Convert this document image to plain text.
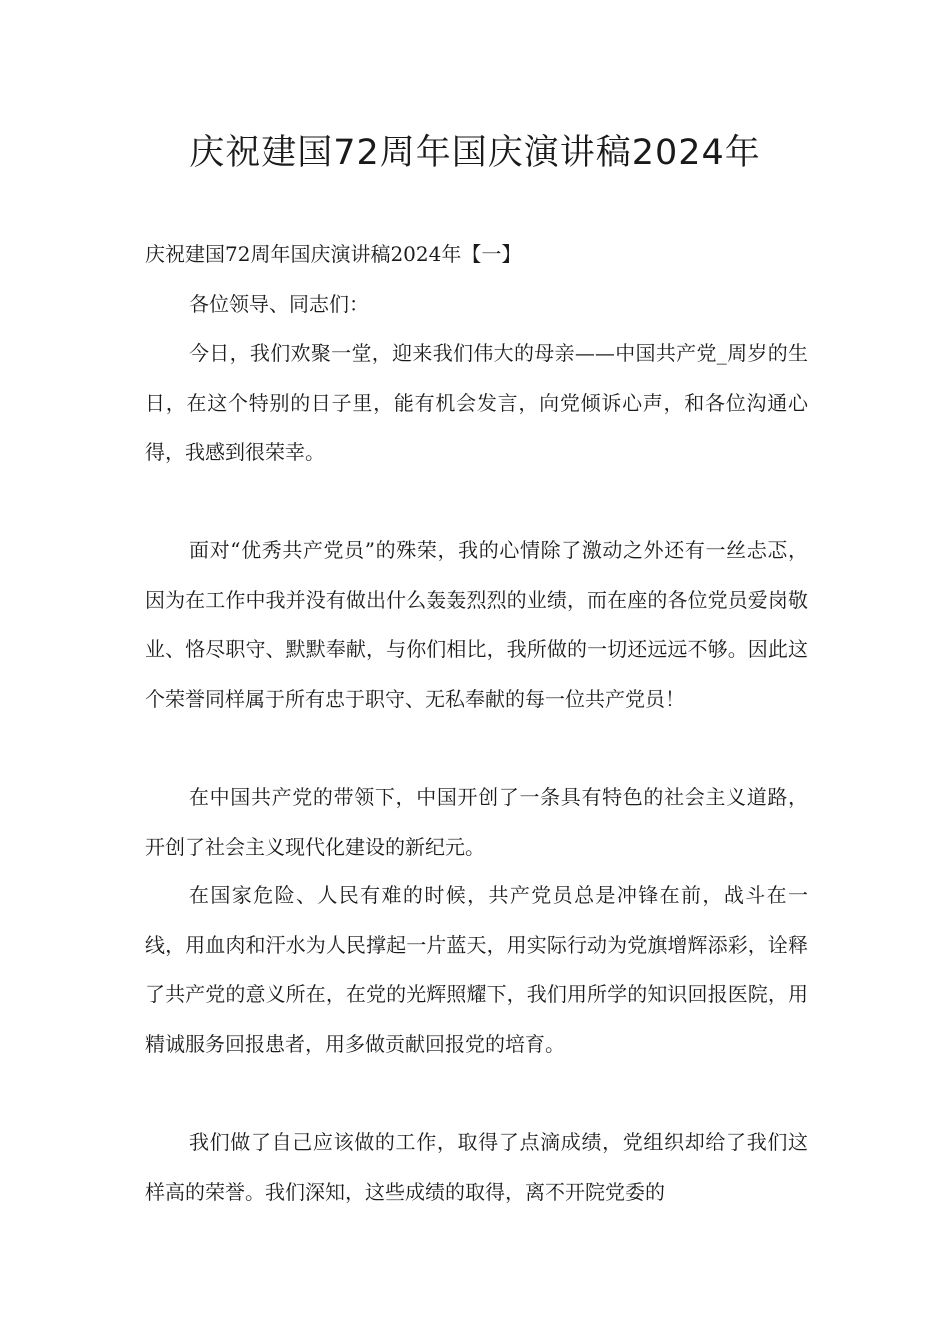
庆祝建国72周年国庆演讲稿2024年

庆祝建国72周年国庆演讲稿2024年【一】

各位领导、同志们：

今日，我们欢聚一堂，迎来我们伟大的母亲——中国共产党_周岁的生日，在这个特别的日子里，能有机会发言，向党倾诉心声，和各位沟通心得，我感到很荣幸。

面对“优秀共产党员”的殊荣，我的心情除了激动之外还有一丝忐忑，因为在工作中我并没有做出什么轰轰烈烈的业绩，而在座的各位党员爱岗敬业、恪尽职守、默默奉献，与你们相比，我所做的一切还远远不够。因此这个荣誉同样属于所有忠于职守、无私奉献的每一位共产党员！

在中国共产党的带领下，中国开创了一条具有特色的社会主义道路，开创了社会主义现代化建设的新纪元。

在国家危险、人民有难的时候，共产党员总是冲锋在前，战斗在一线，用血肉和汗水为人民撑起一片蓝天，用实际行动为党旗增辉添彩，诠释了共产党的意义所在，在党的光辉照耀下，我们用所学的知识回报医院，用精诚服务回报患者，用多做贡献回报党的培育。

我们做了自己应该做的工作，取得了点滴成绩，党组织却给了我们这样高的荣誉。我们深知，这些成绩的取得，离不开院党委的
